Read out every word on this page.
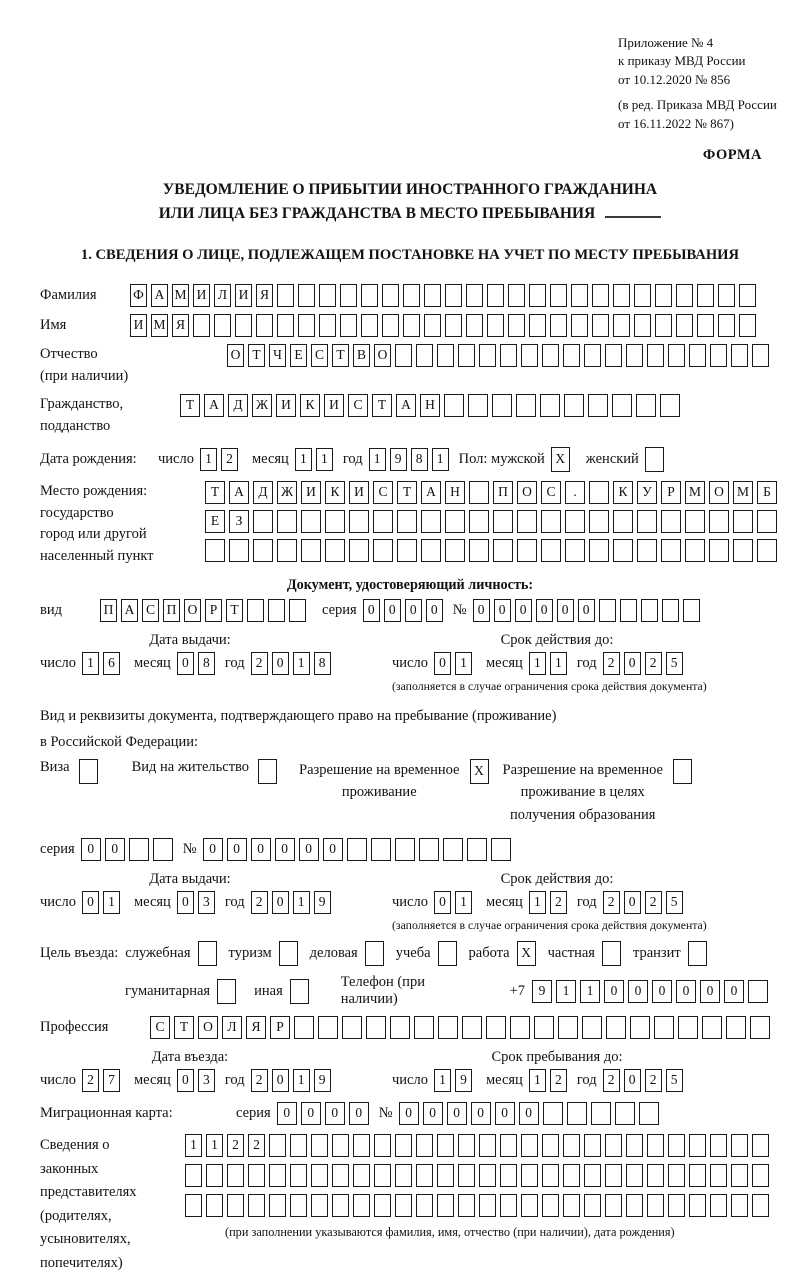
Приложение № 4
к приказу МВД России
от 10.12.2020 № 856
(в ред. Приказа МВД России
от 16.11.2022 № 867)
ФОРМА
УВЕДОМЛЕНИЕ О ПРИБЫТИИ ИНОСТРАННОГО ГРАЖДАНИНА
ИЛИ ЛИЦА БЕЗ ГРАЖДАНСТВА В МЕСТО ПРЕБЫВАНИЯ
1. СВЕДЕНИЯ О ЛИЦЕ, ПОДЛЕЖАЩЕМ ПОСТАНОВКЕ НА УЧЕТ ПО МЕСТУ ПРЕБЫВАНИЯ
Фамилия	Ф А М И Л И Я
Имя	И М Я
Отчество
(при наличии)
О Т Ч Е С Т В О
Гражданство,
подданство
Т	А	Д Ж И	К	И	С	Т	А	Н
Дата рождения:	число 1	2	месяц 1	1	год 1	9	8	1	Пол: мужской X	женский
Место рождения:
государство
город или другой
населенный пункт
Т	А	Д Ж И	К	И	С	Т	А	Н	П	О	С	.	К	У	Р	М О М	Б
Е	З
Документ, удостоверяющий личность:
вид	П А С П О Р Т	серия 0	0	0	0	№ 0	0	0	0	0	0
Дата выдачи:
число 1	6	месяц 0	8	год 2	0	1	8
Срок действия до:
число 0	1	месяц 1	1	год 2	0	2	5
(заполняется в случае ограничения срока действия документа)
Вид и реквизиты документа, подтверждающего право на пребывание (проживание)
в Российской Федерации:
Виза	Вид на жительство	Разрешение на временное
проживание
X	Разрешение на временное
проживание в целях
получения образования
серия 0	0	№ 0	0	0	0	0	0
Дата выдачи:
число 0	1	месяц 0	3	год 2	0	1	9
Срок действия до:
число 0	1	месяц 1	2	год 2	0	2	5
(заполняется в случае ограничения срока действия документа)
Цель въезда: служебная	туризм	деловая	учеба	работа X	частная	транзит
гуманитарная	иная
Телефон (при наличии)
+7	9	1	1	0	0	0	0	0	0
Профессия	С	Т	О	Л	Я	Р
Дата въезда:
число 2	7	месяц 0	3	год 2	0	1	9
Срок пребывания до:
число 1	9	месяц 1	2	год 2	0	2	5
Миграционная карта:	серия 0	0	0	0	№ 0	0	0	0	0	0
Сведения о
законных
представителях
(родителях,
усыновителях,
попечителях)
1	1	2	2
(при заполнении указываются фамилия, имя, отчество (при наличии), дата рождения)
